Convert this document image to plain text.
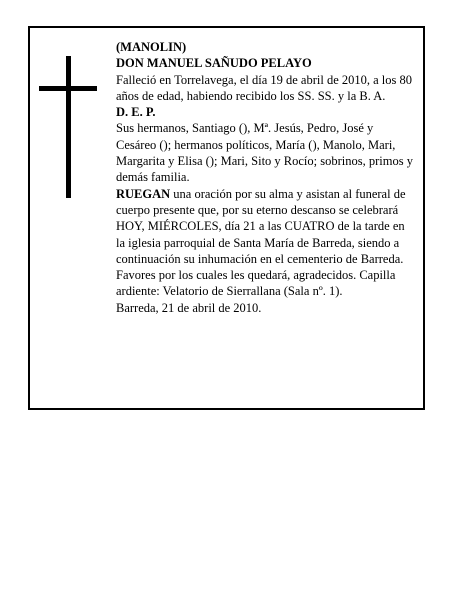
(MANOLIN)

DON MANUEL SAÑUDO PELAYO

Falleció en Torrelavega, el día 19 de abril de 2010, a los 80 años de edad, habiendo recibido los SS. SS. y la B. A.

D. E. P.

Sus hermanos, Santiago (), Mª. Jesús, Pedro, José y Cesáreo (); hermanos políticos, María (), Manolo, Mari, Margarita y Elisa (); Mari, Sito y Rocío; sobrinos, primos y demás familia.

RUEGAN una oración por su alma y asistan al funeral de cuerpo presente que, por su eterno descanso se celebrará HOY, MIÉRCOLES, día 21 a las CUATRO de la tarde en la iglesia parroquial de Santa María de Barreda, siendo a continuación su inhumación en el cementerio de Barreda. Favores por los cuales les quedará, agradecidos. Capilla ardiente: Velatorio de Sierrallana (Sala nº. 1).

Barreda, 21 de abril de 2010.
